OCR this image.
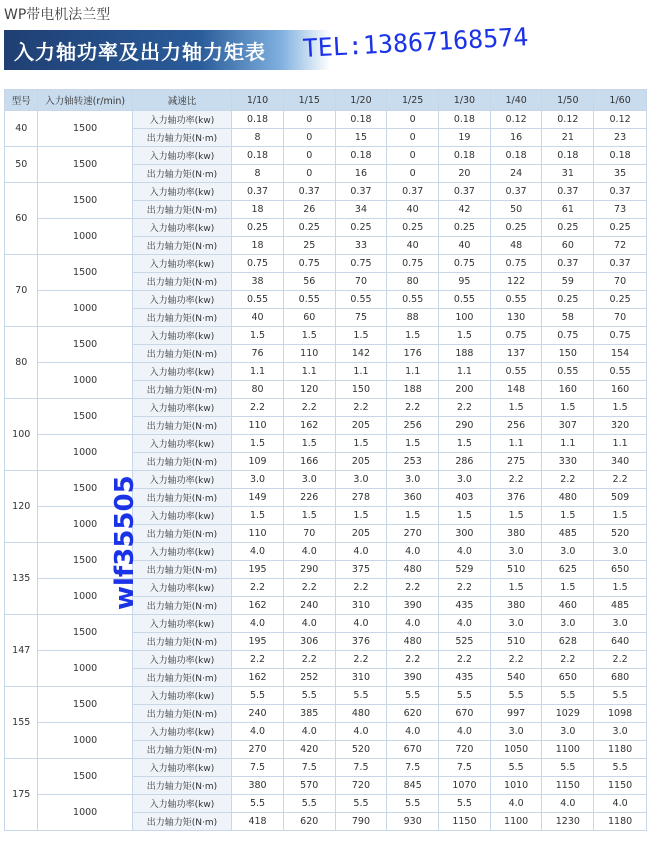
WP带电机法兰型
入力轴功率及出力轴力矩表 TEL:13867168574
型号	入力轴转速(r/min)	减速比	1/10	1/15	1/20	1/25	1/30	1/40	1/50	1/60
40	1500	入力轴功率(kw)	0.18	0	0.18	0	0.18	0.12	0.12	0.12
		出力轴力矩(N·m)	8	0	15	0	19	16	21	23
50	1500	入力轴功率(kw)	0.18	0	0.18	0	0.18	0.18	0.18	0.18
		出力轴力矩(N·m)	8	0	16	0	20	24	31	35
60	1500	入力轴功率(kw)	0.37	0.37	0.37	0.37	0.37	0.37	0.37	0.37
		出力轴力矩(N·m)	18	26	34	40	42	50	61	73
	1000	入力轴功率(kw)	0.25	0.25	0.25	0.25	0.25	0.25	0.25	0.25
		出力轴力矩(N·m)	18	25	33	40	40	48	60	72
70	1500	入力轴功率(kw)	0.75	0.75	0.75	0.75	0.75	0.75	0.37	0.37
		出力轴力矩(N·m)	38	56	70	80	95	122	59	70
	1000	入力轴功率(kw)	0.55	0.55	0.55	0.55	0.55	0.55	0.25	0.25
		出力轴力矩(N·m)	40	60	75	88	100	130	58	70
80	1500	入力轴功率(kw)	1.5	1.5	1.5	1.5	1.5	0.75	0.75	0.75
		出力轴力矩(N·m)	76	110	142	176	188	137	150	154
	1000	入力轴功率(kw)	1.1	1.1	1.1	1.1	1.1	0.55	0.55	0.55
		出力轴力矩(N·m)	80	120	150	188	200	148	160	160
100	1500	入力轴功率(kw)	2.2	2.2	2.2	2.2	2.2	1.5	1.5	1.5
		出力轴力矩(N·m)	110	162	205	256	290	256	307	320
	1000	入力轴功率(kw)	1.5	1.5	1.5	1.5	1.5	1.1	1.1	1.1
		出力轴力矩(N·m)	109	166	205	253	286	275	330	340
120	1500	入力轴功率(kw)	3.0	3.0	3.0	3.0	3.0	2.2	2.2	2.2
		出力轴力矩(N·m)	149	226	278	360	403	376	480	509
	1000	入力轴功率(kw)	1.5	1.5	1.5	1.5	1.5	1.5	1.5	1.5
		出力轴力矩(N·m)	110	70	205	270	300	380	485	520
135	1500	入力轴功率(kw)	4.0	4.0	4.0	4.0	4.0	3.0	3.0	3.0
		出力轴力矩(N·m)	195	290	375	480	529	510	625	650
	1000	入力轴功率(kw)	2.2	2.2	2.2	2.2	2.2	1.5	1.5	1.5
		出力轴力矩(N·m)	162	240	310	390	435	380	460	485
147	1500	入力轴功率(kw)	4.0	4.0	4.0	4.0	4.0	3.0	3.0	3.0
		出力轴力矩(N·m)	195	306	376	480	525	510	628	640
	1000	入力轴功率(kw)	2.2	2.2	2.2	2.2	2.2	2.2	2.2	2.2
		出力轴力矩(N·m)	162	252	310	390	435	540	650	680
155	1500	入力轴功率(kw)	5.5	5.5	5.5	5.5	5.5	5.5	5.5	5.5
		出力轴力矩(N·m)	240	385	480	620	670	997	1029	1098
	1000	入力轴功率(kw)	4.0	4.0	4.0	4.0	4.0	3.0	3.0	3.0
		出力轴力矩(N·m)	270	420	520	670	720	1050	1100	1180
175	1500	入力轴功率(kw)	7.5	7.5	7.5	7.5	7.5	5.5	5.5	5.5
		出力轴力矩(N·m)	380	570	720	845	1070	1010	1150	1150
	1000	入力轴功率(kw)	5.5	5.5	5.5	5.5	5.5	4.0	4.0	4.0
		出力轴力矩(N·m)	418	620	790	930	1150	1100	1230	1180
wlf35505
